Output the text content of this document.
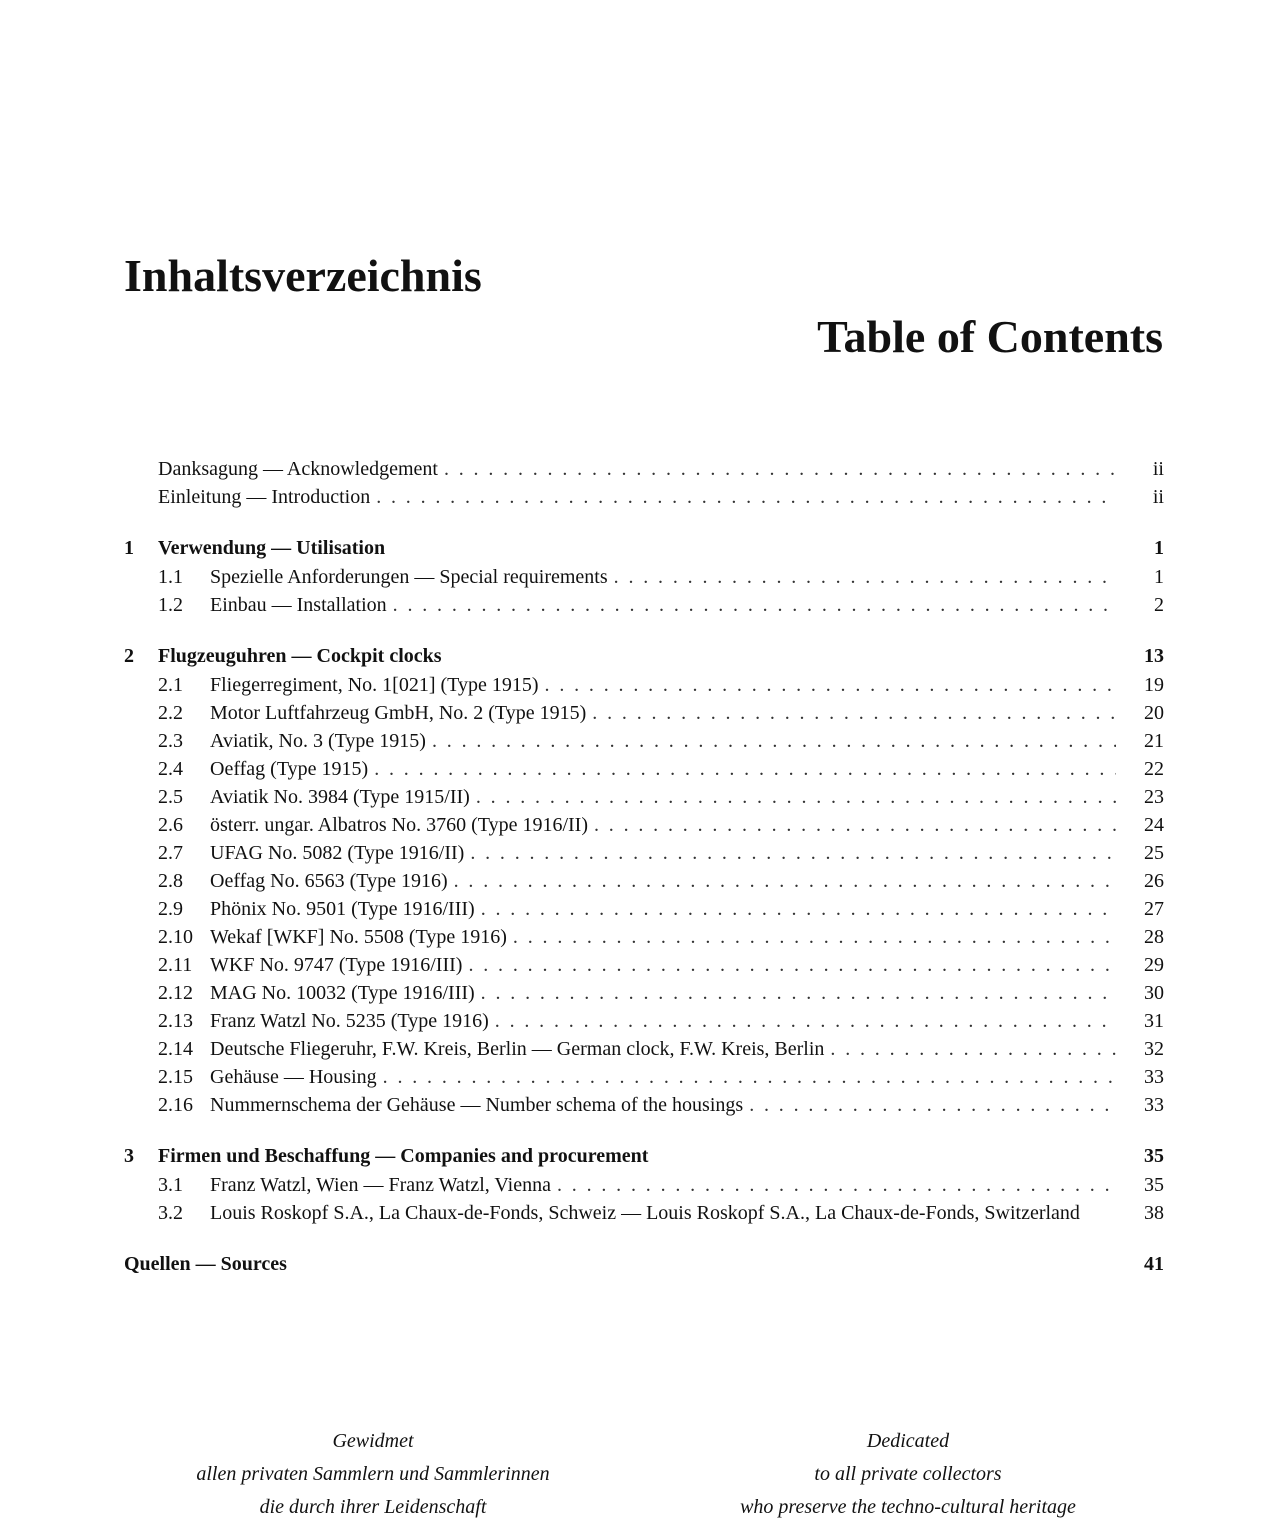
Inhaltsverzeichnis
Table of Contents
Danksagung — Acknowledgement . . .	ii
Einleitung — Introduction . . .	ii
1 Verwendung — Utilisation	1
1.1 Spezielle Anforderungen — Special requirements . . .	1
1.2 Einbau — Installation . . .	2
2 Flugzeuguhren — Cockpit clocks	13
2.1 Fliegerregiment, No. 1[021] (Type 1915) . . .	19
2.2 Motor Luftfahrzeug GmbH, No. 2 (Type 1915) . . .	20
2.3 Aviatik, No. 3 (Type 1915) . . .	21
2.4 Oeffag (Type 1915) . . .	22
2.5 Aviatik No. 3984 (Type 1915/II) . . .	23
2.6 österr. ungar. Albatros No. 3760 (Type 1916/II) . . .	24
2.7 UFAG No. 5082 (Type 1916/II) . . .	25
2.8 Oeffag No. 6563 (Type 1916) . . .	26
2.9 Phönix No. 9501 (Type 1916/III) . . .	27
2.10 Wekaf [WKF] No. 5508 (Type 1916) . . .	28
2.11 WKF No. 9747 (Type 1916/III) . . .	29
2.12 MAG No. 10032 (Type 1916/III) . . .	30
2.13 Franz Watzl No. 5235 (Type 1916) . . .	31
2.14 Deutsche Fliegeruhr, F.W. Kreis, Berlin — German clock, F.W. Kreis, Berlin . . .	32
2.15 Gehäuse — Housing . . .	33
2.16 Nummernschema der Gehäuse — Number schema of the housings . . .	33
3 Firmen und Beschaffung — Companies and procurement	35
3.1 Franz Watzl, Wien — Franz Watzl, Vienna . . .	35
3.2 Louis Roskopf S.A., La Chaux-de-Fonds, Schweiz — Louis Roskopf S.A., La Chaux-de-Fonds, Switzerland	38
Quellen — Sources	41
Gewidmet
allen privaten Sammlern und Sammlerinnen
die durch ihrer Leidenschaft
Dedicated
to all private collectors
who preserve the techno-cultural heritage
